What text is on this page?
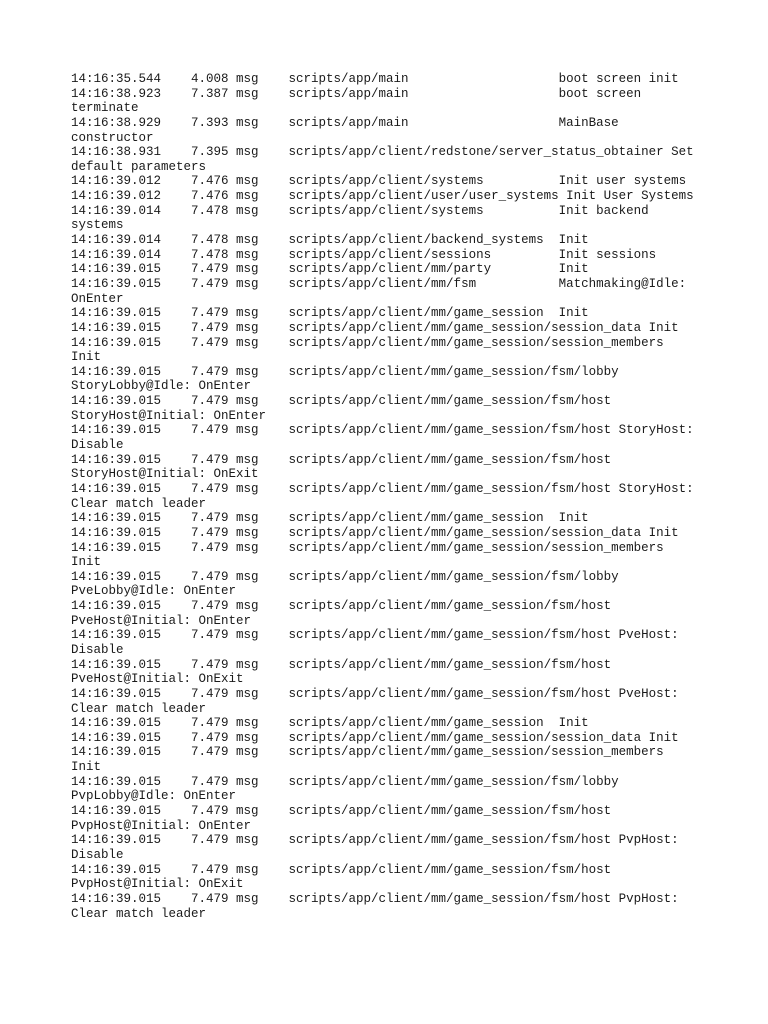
14:16:35.544    4.008 msg    scripts/app/main                    boot screen init
14:16:38.923    7.387 msg    scripts/app/main                    boot screen
terminate
14:16:38.929    7.393 msg    scripts/app/main                    MainBase
constructor
14:16:38.931    7.395 msg    scripts/app/client/redstone/server_status_obtainer Set
default parameters
14:16:39.012    7.476 msg    scripts/app/client/systems          Init user systems
14:16:39.012    7.476 msg    scripts/app/client/user/user_systems Init User Systems
14:16:39.014    7.478 msg    scripts/app/client/systems          Init backend
systems
14:16:39.014    7.478 msg    scripts/app/client/backend_systems  Init
14:16:39.014    7.478 msg    scripts/app/client/sessions         Init sessions
14:16:39.015    7.479 msg    scripts/app/client/mm/party         Init
14:16:39.015    7.479 msg    scripts/app/client/mm/fsm           Matchmaking@Idle:
OnEnter
14:16:39.015    7.479 msg    scripts/app/client/mm/game_session  Init
14:16:39.015    7.479 msg    scripts/app/client/mm/game_session/session_data Init
14:16:39.015    7.479 msg    scripts/app/client/mm/game_session/session_members
Init
14:16:39.015    7.479 msg    scripts/app/client/mm/game_session/fsm/lobby
StoryLobby@Idle: OnEnter
14:16:39.015    7.479 msg    scripts/app/client/mm/game_session/fsm/host
StoryHost@Initial: OnEnter
14:16:39.015    7.479 msg    scripts/app/client/mm/game_session/fsm/host StoryHost:
Disable
14:16:39.015    7.479 msg    scripts/app/client/mm/game_session/fsm/host
StoryHost@Initial: OnExit
14:16:39.015    7.479 msg    scripts/app/client/mm/game_session/fsm/host StoryHost:
Clear match leader
14:16:39.015    7.479 msg    scripts/app/client/mm/game_session  Init
14:16:39.015    7.479 msg    scripts/app/client/mm/game_session/session_data Init
14:16:39.015    7.479 msg    scripts/app/client/mm/game_session/session_members
Init
14:16:39.015    7.479 msg    scripts/app/client/mm/game_session/fsm/lobby
PveLobby@Idle: OnEnter
14:16:39.015    7.479 msg    scripts/app/client/mm/game_session/fsm/host
PveHost@Initial: OnEnter
14:16:39.015    7.479 msg    scripts/app/client/mm/game_session/fsm/host PveHost:
Disable
14:16:39.015    7.479 msg    scripts/app/client/mm/game_session/fsm/host
PveHost@Initial: OnExit
14:16:39.015    7.479 msg    scripts/app/client/mm/game_session/fsm/host PveHost:
Clear match leader
14:16:39.015    7.479 msg    scripts/app/client/mm/game_session  Init
14:16:39.015    7.479 msg    scripts/app/client/mm/game_session/session_data Init
14:16:39.015    7.479 msg    scripts/app/client/mm/game_session/session_members
Init
14:16:39.015    7.479 msg    scripts/app/client/mm/game_session/fsm/lobby
PvpLobby@Idle: OnEnter
14:16:39.015    7.479 msg    scripts/app/client/mm/game_session/fsm/host
PvpHost@Initial: OnEnter
14:16:39.015    7.479 msg    scripts/app/client/mm/game_session/fsm/host PvpHost:
Disable
14:16:39.015    7.479 msg    scripts/app/client/mm/game_session/fsm/host
PvpHost@Initial: OnExit
14:16:39.015    7.479 msg    scripts/app/client/mm/game_session/fsm/host PvpHost:
Clear match leader
